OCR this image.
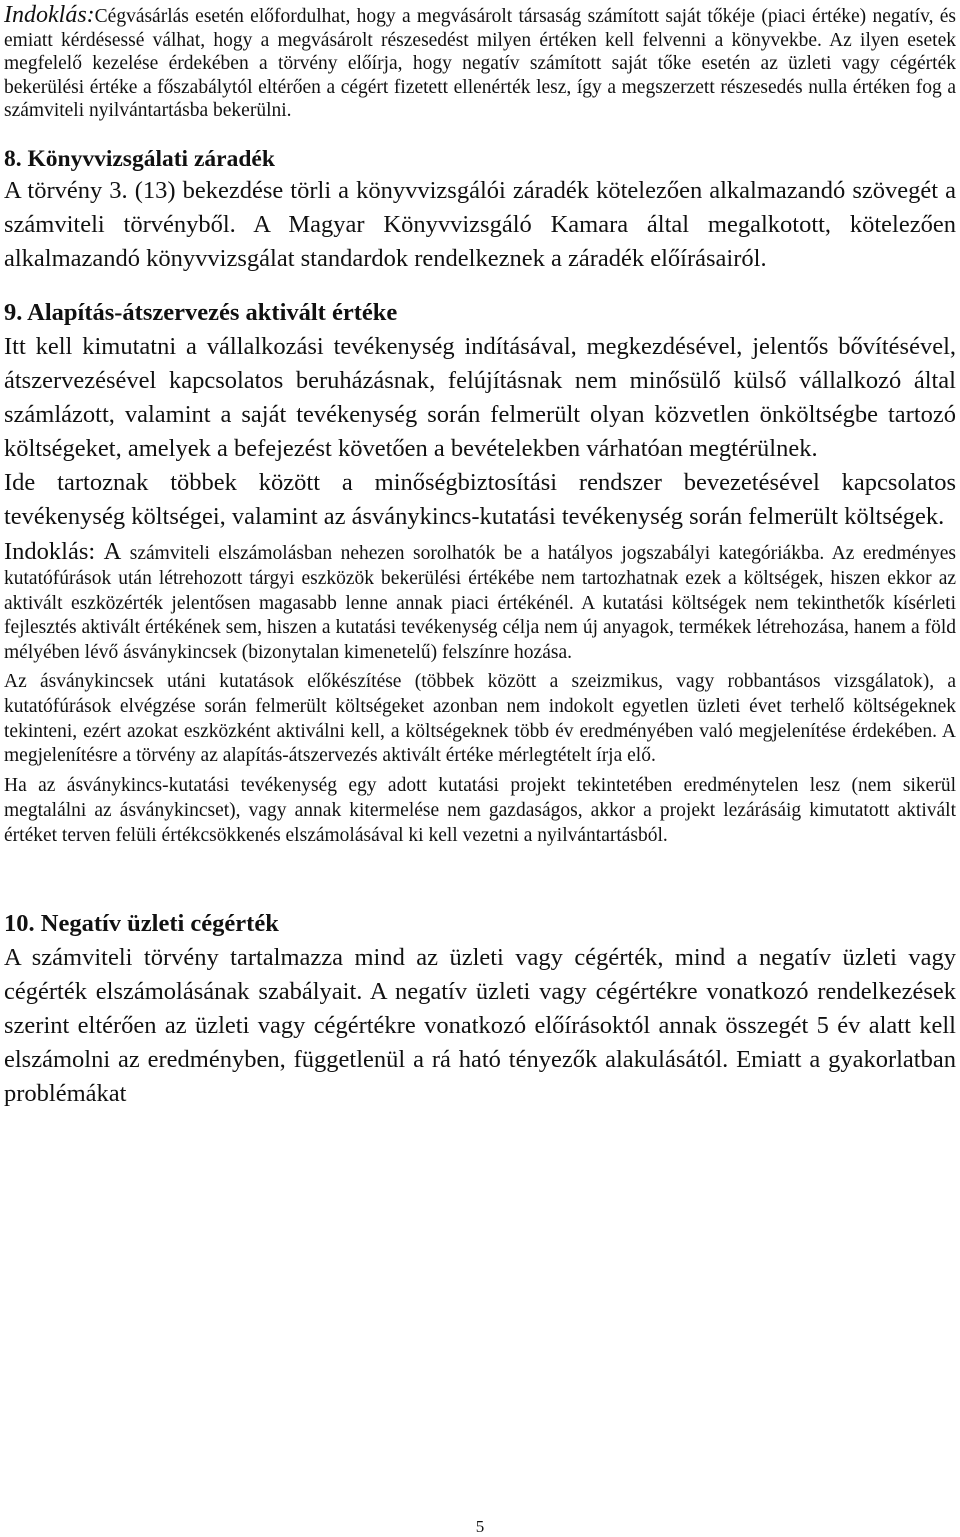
Indoklás:Cégvásárlás esetén előfordulhat, hogy a megvásárolt társaság számított saját tőkéje (piaci értéke) negatív, és emiatt kérdésessé válhat, hogy a megvásárolt részesedést milyen értéken kell felvenni a könyvekbe. Az ilyen esetek megfelelő kezelése érdekében a törvény előírja, hogy negatív számított saját tőke esetén az üzleti vagy cégérték bekerülési értéke a főszabálytól eltérően a cégért fizetett ellenérték lesz, így a megszerzett részesedés nulla értéken fog a számviteli nyilvántartásba bekerülni.

8. Könyvvizsgálati záradék

A törvény 3. (13) bekezdése törli a könyvvizsgálói záradék kötelezően alkalmazandó szövegét a számviteli törvényből. A Magyar Könyvvizsgáló Kamara által megalkotott, kötelezően alkalmazandó könyvvizsgálat standardok rendelkeznek a záradék előírásairól.

9. Alapítás-átszervezés aktivált értéke

Itt kell kimutatni a vállalkozási tevékenység indításával, megkezdésével, jelentős bővítésével, átszervezésével kapcsolatos beruházásnak, felújításnak nem minősülő külső vállalkozó által számlázott, valamint a saját tevékenység során felmerült olyan közvetlen önköltségbe tartozó költségeket, amelyek a befejezést követően a bevételekben várhatóan megtérülnek.

Ide tartoznak többek között a minőségbiztosítási rendszer bevezetésével kapcsolatos tevékenység költségei, valamint az ásványkincs-kutatási tevékenység során felmerült költségek.

Indoklás: A számviteli elszámolásban nehezen sorolhatók be a hatályos jogszabályi kategóriákba. Az eredményes kutatófúrások után létrehozott tárgyi eszközök bekerülési értékébe nem tartozhatnak ezek a költségek, hiszen ekkor az aktivált eszközérték jelentősen magasabb lenne annak piaci értékénél. A kutatási költségek nem tekinthetők kísérleti fejlesztés aktivált értékének sem, hiszen a kutatási tevékenység célja nem új anyagok, termékek létrehozása, hanem a föld mélyében lévő ásványkincsek (bizonytalan kimenetelű) felszínre hozása.

Az ásványkincsek utáni kutatások előkészítése (többek között a szeizmikus, vagy robbantásos vizsgálatok), a kutatófúrások elvégzése során felmerült költségeket azonban nem indokolt egyetlen üzleti évet terhelő költségeknek tekinteni, ezért azokat eszközként aktiválni kell, a költségeknek több év eredményében való megjelenítése érdekében. A megjelenítésre a törvény az alapítás-átszervezés aktivált értéke mérlegtételt írja elő.

Ha az ásványkincs-kutatási tevékenység egy adott kutatási projekt tekintetében eredménytelen lesz (nem sikerül megtalálni az ásványkincset), vagy annak kitermelése nem gazdaságos, akkor a projekt lezárásáig kimutatott aktivált értéket terven felüli értékcsökkenés elszámolásával ki kell vezetni a nyilvántartásból.

10. Negatív üzleti cégérték

A számviteli törvény tartalmazza mind az üzleti vagy cégérték, mind a negatív üzleti vagy cégérték elszámolásának szabályait. A negatív üzleti vagy cégértékre vonatkozó rendelkezések szerint eltérően az üzleti vagy cégértékre vonatkozó előírásoktól annak összegét 5 év alatt kell elszámolni az eredményben, függetlenül a rá ható tényezők alakulásától. Emiatt a gyakorlatban problémákat

5
